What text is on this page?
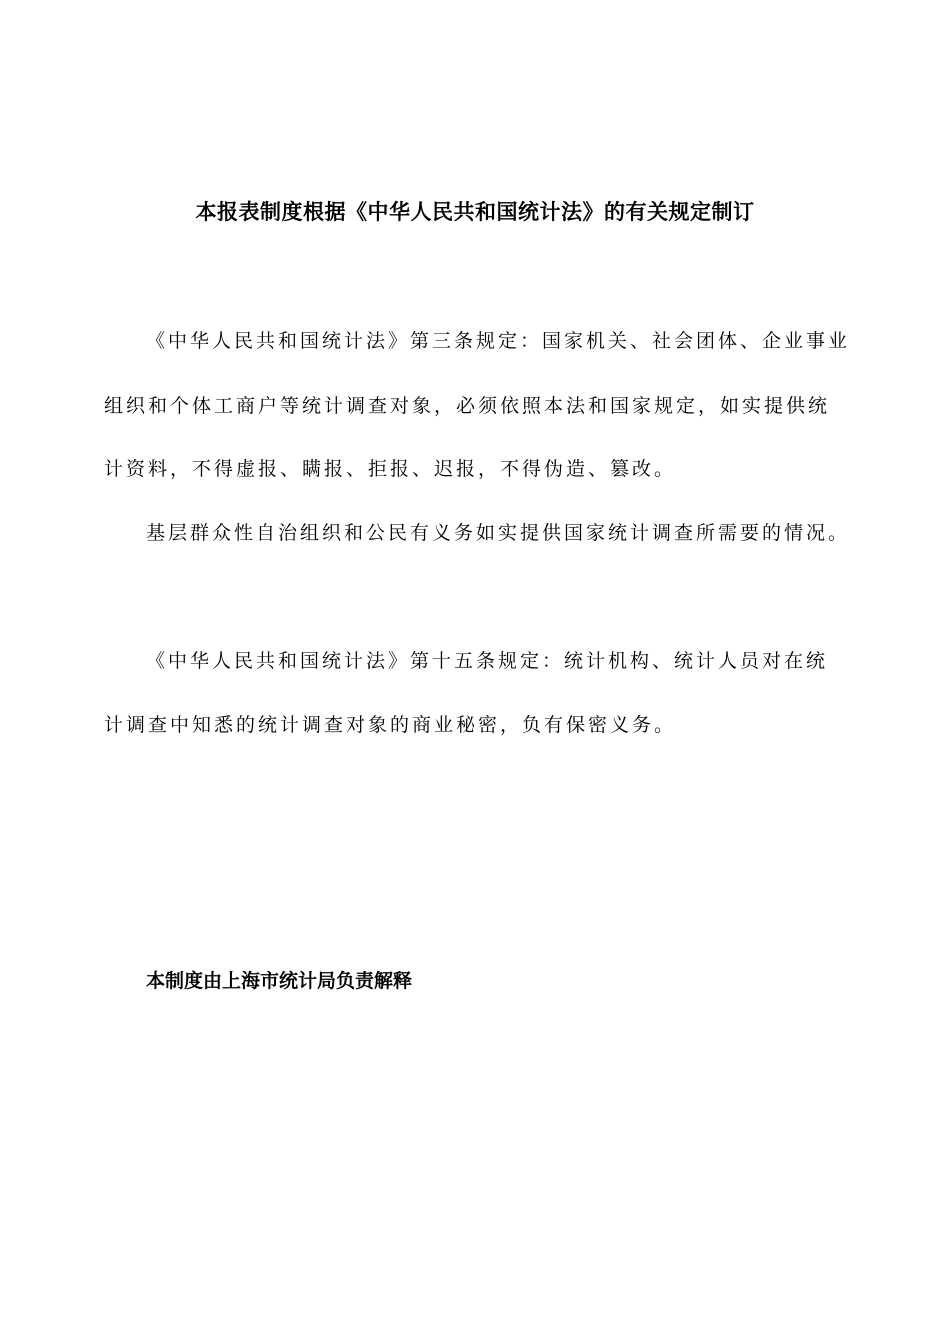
本报表制度根据《中华人民共和国统计法》的有关规定制订
《中华人民共和国统计法》第三条规定：国家机关、社会团体、企业事业
组织和个体工商户等统计调查对象，必须依照本法和国家规定，如实提供统
计资料，不得虚报、瞒报、拒报、迟报，不得伪造、篡改。
基层群众性自治组织和公民有义务如实提供国家统计调查所需要的情况。
《中华人民共和国统计法》第十五条规定：统计机构、统计人员对在统
计调查中知悉的统计调查对象的商业秘密，负有保密义务。
本制度由上海市统计局负责解释
